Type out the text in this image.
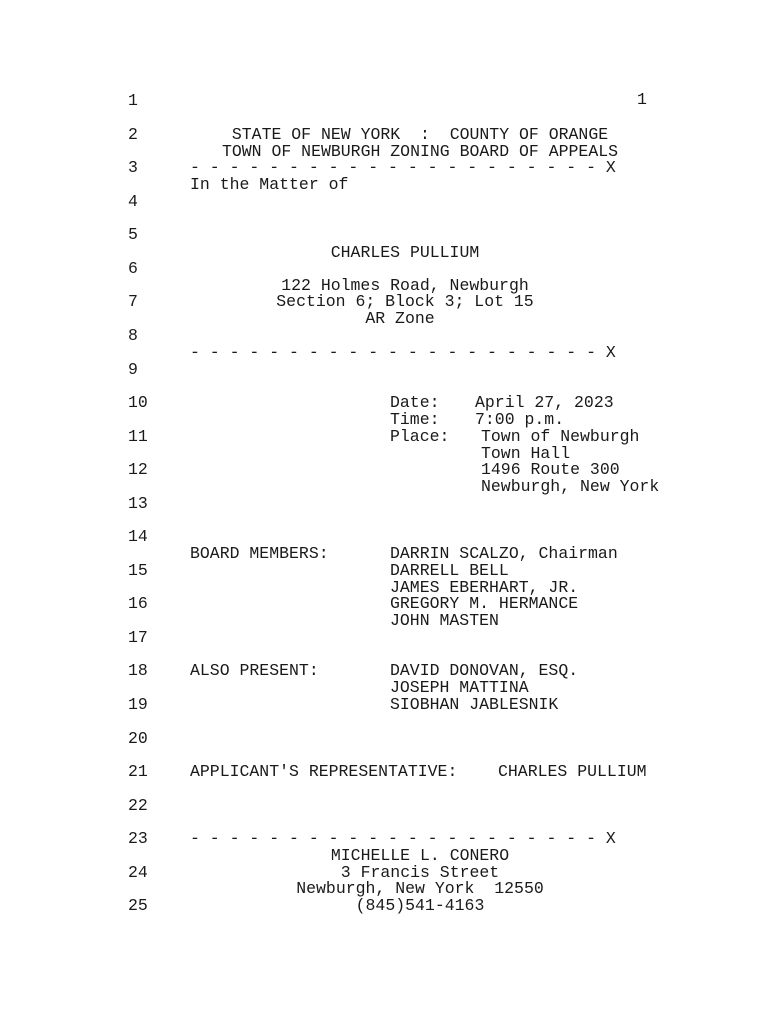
1
1
2
3
4
5
6
7
8
9
10
11
12
13
14
15
16
17
18
19
20
21
22
23
24
25
STATE OF NEW YORK  :  COUNTY OF ORANGE
TOWN OF NEWBURGH ZONING BOARD OF APPEALS
- - - - - - - - - - - - - - - - - - - - - X
In the Matter of
CHARLES PULLIUM
122 Holmes Road, Newburgh
Section 6; Block 3; Lot 15
AR Zone
- - - - - - - - - - - - - - - - - - - - - X
Date: April 27, 2023
Time: 7:00 p.m.
Place: Town of Newburgh
Town Hall
1496 Route 300
Newburgh, New York
BOARD MEMBERS:	DARRIN SCALZO, Chairman
DARRELL BELL
JAMES EBERHART, JR.
GREGORY M. HERMANCE
JOHN MASTEN
ALSO PRESENT:	DAVID DONOVAN, ESQ.
JOSEPH MATTINA
SIOBHAN JABLESNIK
APPLICANT'S REPRESENTATIVE: CHARLES PULLIUM
- - - - - - - - - - - - - - - - - - - - - X
MICHELLE L. CONERO
3 Francis Street
Newburgh, New York  12550
(845)541-4163
